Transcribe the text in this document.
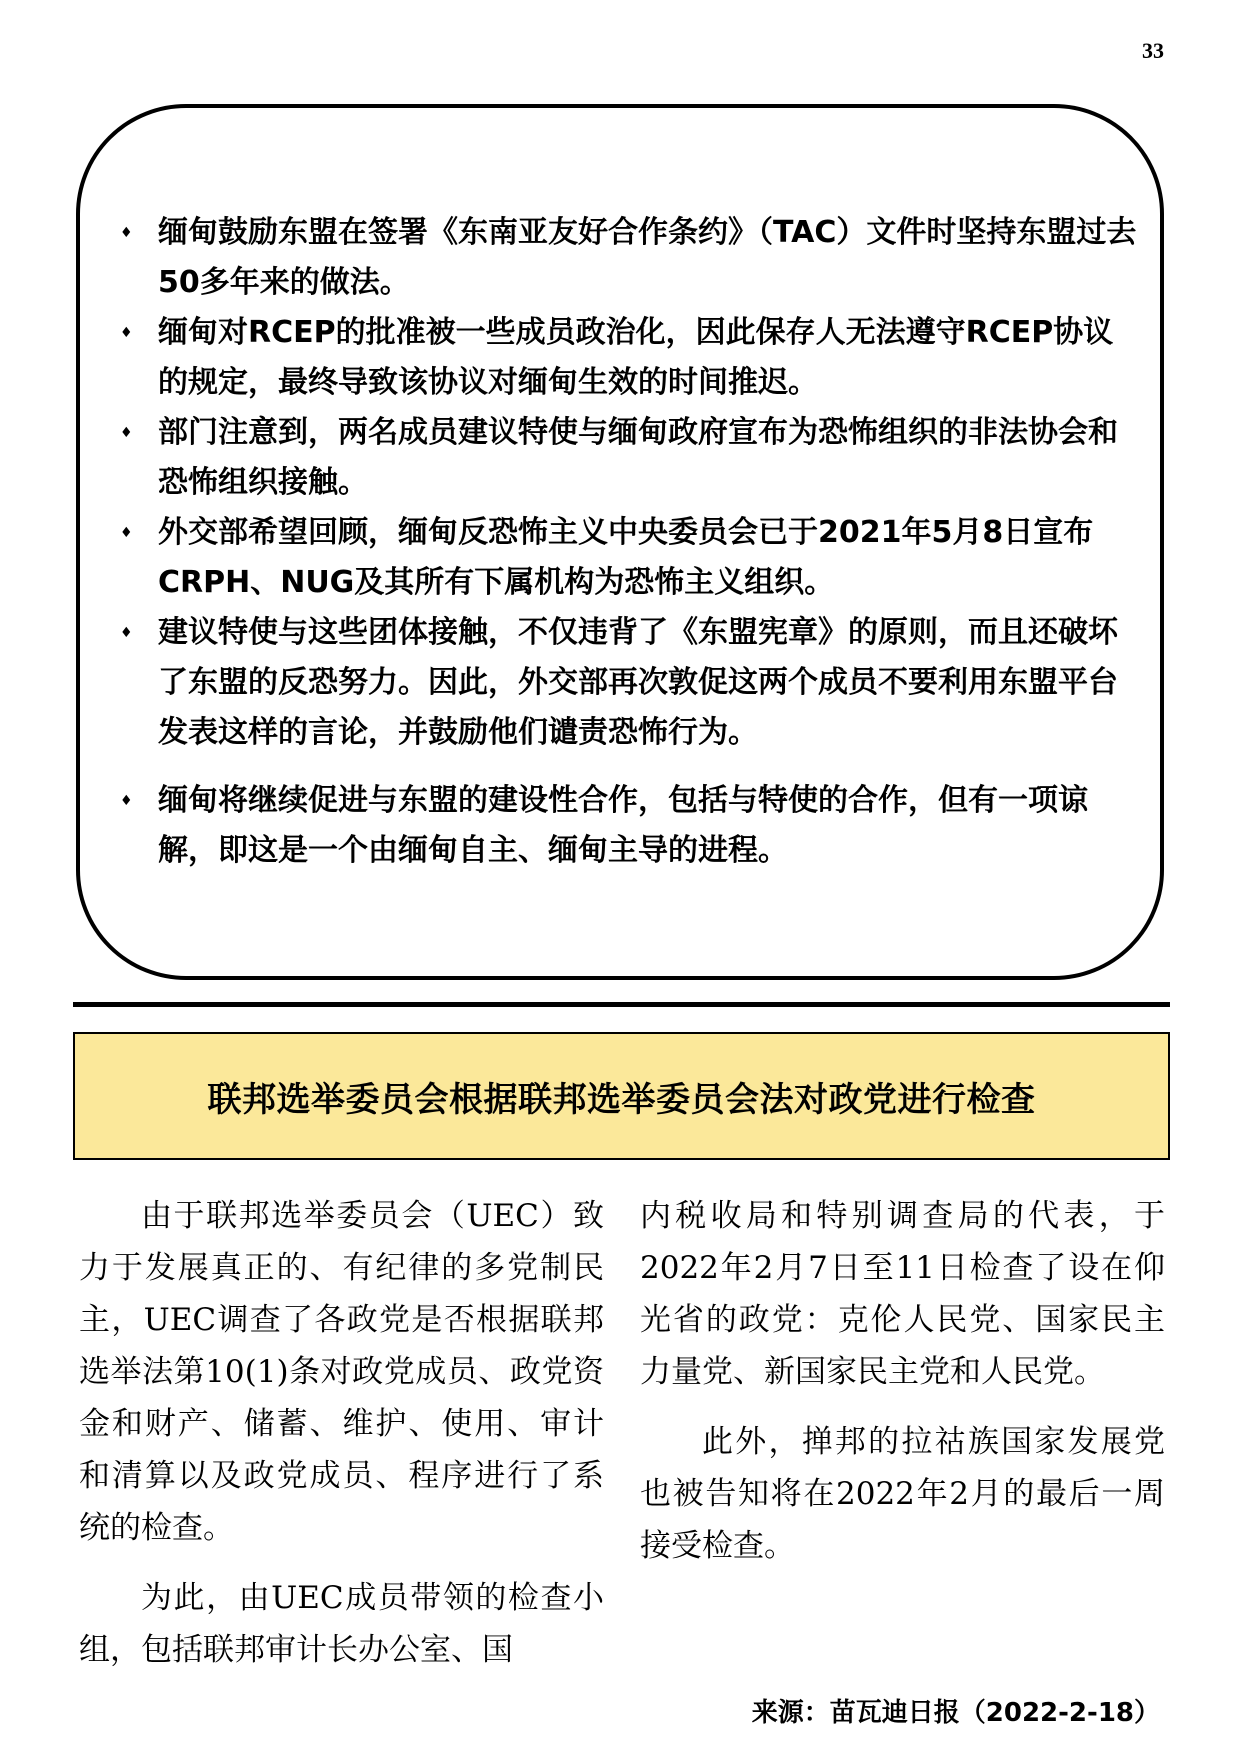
33
♦ 缅甸鼓励东盟在签署《东南亚友好合作条约》（TAC）文件时坚持东盟过去50多年来的做法。
♦ 缅甸对RCEP的批准被一些成员政治化，因此保存人无法遵守RCEP协议的规定，最终导致该协议对缅甸生效的时间推迟。
♦ 部门注意到，两名成员建议特使与缅甸政府宣布为恐怖组织的非法协会和恐怖组织接触。
♦ 外交部希望回顾，缅甸反恐怖主义中央委员会已于2021年5月8日宣布CRPH、NUG及其所有下属机构为恐怖主义组织。
♦ 建议特使与这些团体接触，不仅违背了《东盟宪章》的原则，而且还破坏了东盟的反恐努力。因此，外交部再次敦促这两个成员不要利用东盟平台发表这样的言论，并鼓励他们谴责恐怖行为。
♦ 缅甸将继续促进与东盟的建设性合作，包括与特使的合作，但有一项谅解，即这是一个由缅甸自主、缅甸主导的进程。
联邦选举委员会根据联邦选举委员会法对政党进行检查

由于联邦选举委员会（UEC）致力于发展真正的、有纪律的多党制民主，UEC调查了各政党是否根据联邦选举法第10(1)条对政党成员、政党资金和财产、储蓄、维护、使用、审计和清算以及政党成员、程序进行了系统的检查。

为此，由UEC成员带领的检查小组，包括联邦审计长办公室、国

内税收局和特别调查局的代表，于2022年2月7日至11日检查了设在仰光省的政党：克伦人民党、国家民主力量党、新国家民主党和人民党。

此外，掸邦的拉祜族国家发展党也被告知将在2022年2月的最后一周接受检查。

来源：苗瓦迪日报（2022-2-18）
